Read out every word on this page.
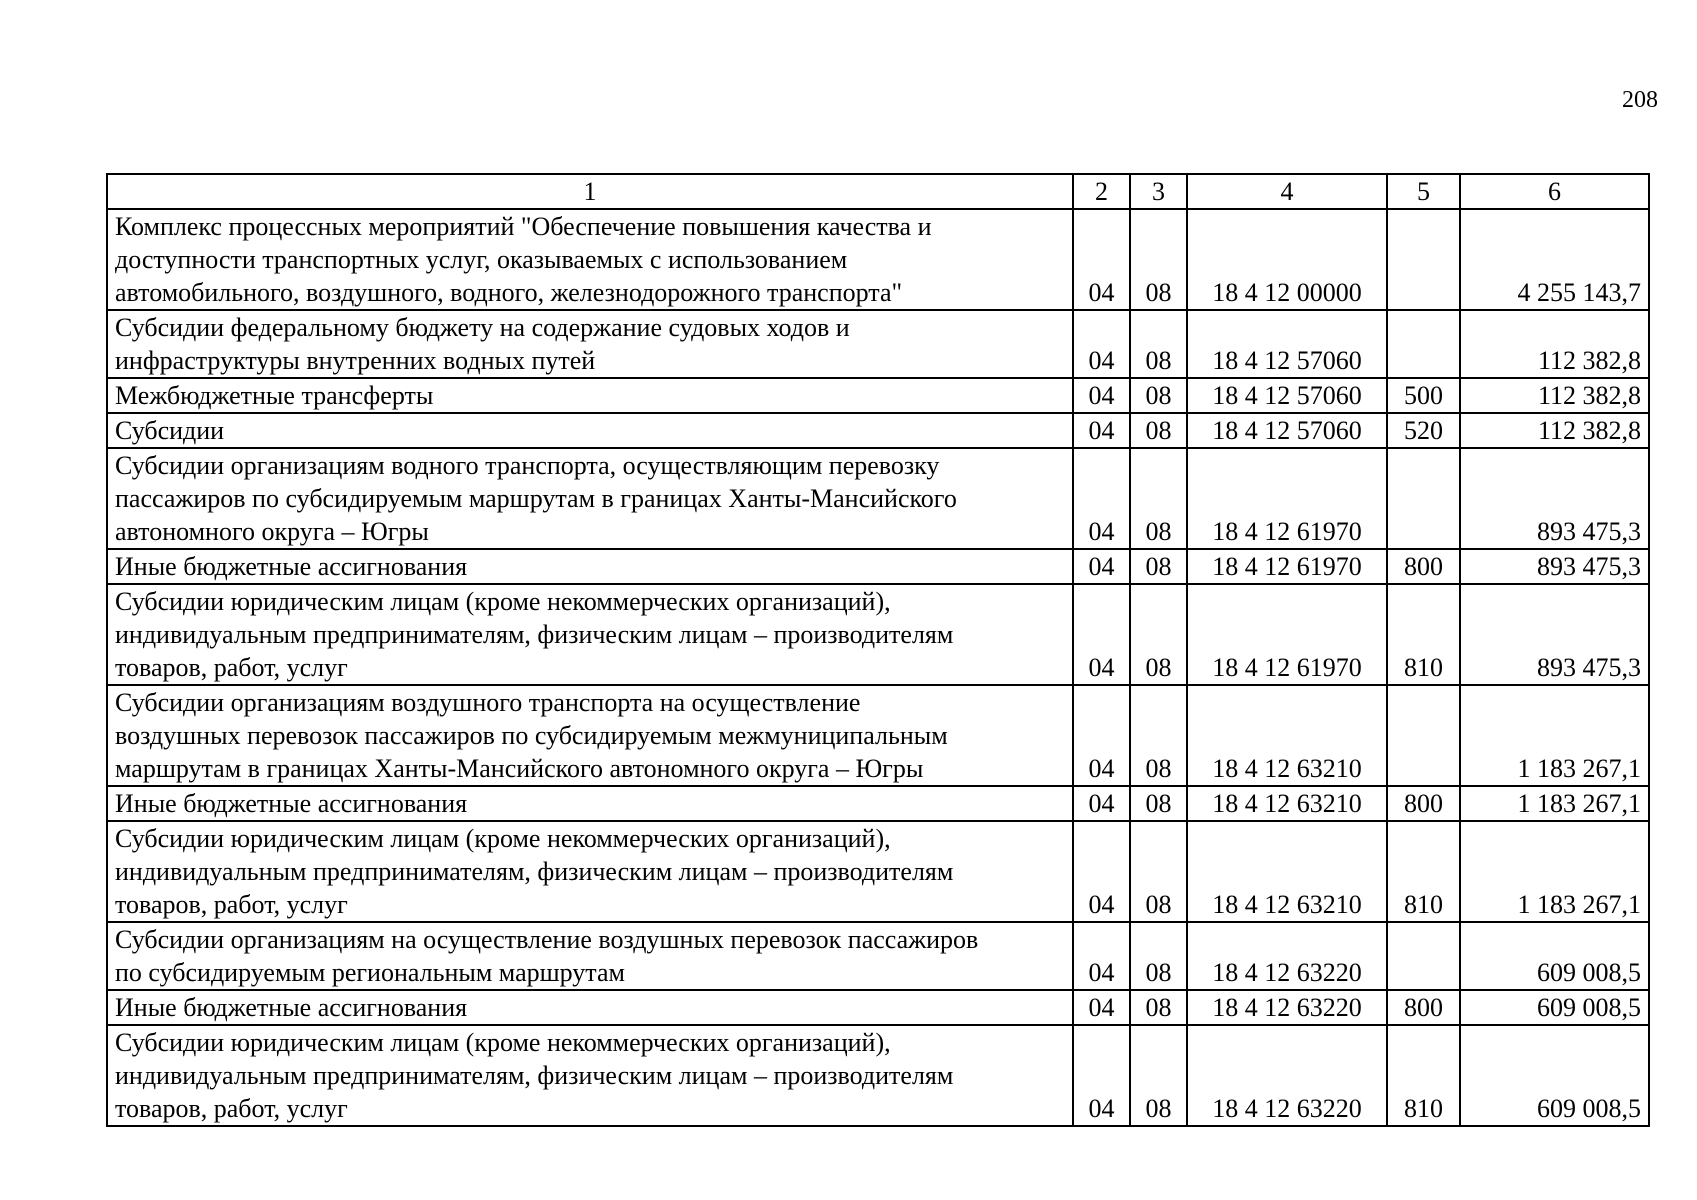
208
1	2	3	4	5	6

Комплекс процессных мероприятий "Обеспечение повышения качества и
доступности транспортных услуг, оказываемых с использованием
автомобильного, воздушного, водного, железнодорожного транспорта"	04	08	18 4 12 00000		4 255 143,7

Субсидии федеральному бюджету на содержание судовых ходов и
инфраструктуры внутренних водных путей	04	08	18 4 12 57060		112 382,8

Межбюджетные трансферты	04	08	18 4 12 57060	500	112 382,8

Субсидии	04	08	18 4 12 57060	520	112 382,8

Субсидии организациям водного транспорта, осуществляющим перевозку
пассажиров по субсидируемым маршрутам в границах Ханты-Мансийского
автономного округа – Югры	04	08	18 4 12 61970		893 475,3

Иные бюджетные ассигнования	04	08	18 4 12 61970	800	893 475,3

Субсидии юридическим лицам (кроме некоммерческих организаций),
индивидуальным предпринимателям, физическим лицам – производителям
товаров, работ, услуг	04	08	18 4 12 61970	810	893 475,3

Субсидии организациям воздушного транспорта на осуществление
воздушных перевозок пассажиров по субсидируемым межмуниципальным
маршрутам в границах Ханты-Мансийского автономного округа – Югры	04	08	18 4 12 63210		1 183 267,1

Иные бюджетные ассигнования	04	08	18 4 12 63210	800	1 183 267,1

Субсидии юридическим лицам (кроме некоммерческих организаций),
индивидуальным предпринимателям, физическим лицам – производителям
товаров, работ, услуг	04	08	18 4 12 63210	810	1 183 267,1

Субсидии организациям на осуществление воздушных перевозок пассажиров
по субсидируемым региональным маршрутам	04	08	18 4 12 63220		609 008,5

Иные бюджетные ассигнования	04	08	18 4 12 63220	800	609 008,5

Субсидии юридическим лицам (кроме некоммерческих организаций),
индивидуальным предпринимателям, физическим лицам – производителям
товаров, работ, услуг	04	08	18 4 12 63220	810	609 008,5
